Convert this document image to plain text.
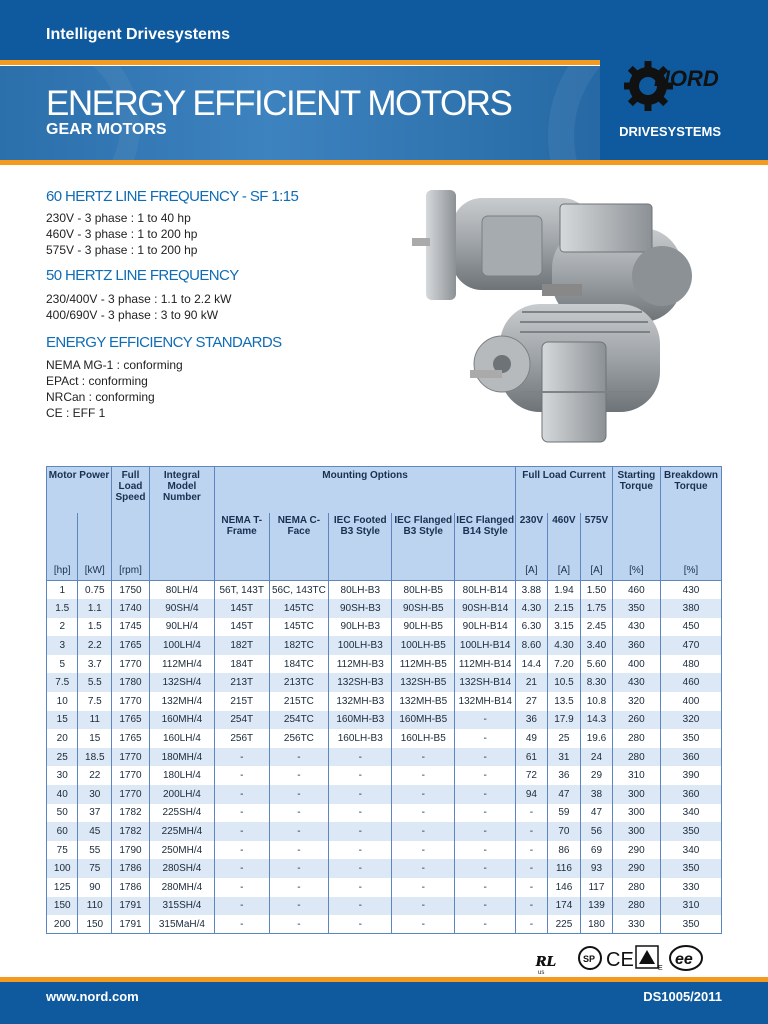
Intelligent Drivesystems
ENERGY EFFICIENT MOTORS
GEAR MOTORS
NORD
DRIVESYSTEMS
60 HERTZ LINE FREQUENCY - SF 1:15
230V - 3 phase : 1 to 40 hp
460V - 3 phase : 1 to 200 hp
575V - 3 phase : 1 to 200 hp
50 HERTZ LINE FREQUENCY
230/400V - 3 phase : 1.1 to 2.2 kW
400/690V - 3 phase : 3 to 90 kW
ENERGY EFFICIENCY STANDARDS
NEMA MG-1 : conforming
EPAct : conforming
NRCan : conforming
CE : EFF 1
Motor Power		Full Load Speed	Integral Model Number	Mounting Options					Full Load Current			Starting Torque	Breakdown Torque
				NEMA T-Frame	NEMA C-Face	IEC Footed B3 Style	IEC Flanged B3 Style	IEC Flanged B14 Style	230V	460V	575V		
[hp]	[kW]	[rpm]							[A]	[A]	[A]	[%]	[%]
1	0.75	1750	80LH/4	56T, 143T	56C, 143TC	80LH-B3	80LH-B5	80LH-B14	3.88	1.94	1.50	460	430
1.5	1.1	1740	90SH/4	145T	145TC	90SH-B3	90SH-B5	90SH-B14	4.30	2.15	1.75	350	380
2	1.5	1745	90LH/4	145T	145TC	90LH-B3	90LH-B5	90LH-B14	6.30	3.15	2.45	430	450
3	2.2	1765	100LH/4	182T	182TC	100LH-B3	100LH-B5	100LH-B14	8.60	4.30	3.40	360	470
5	3.7	1770	112MH/4	184T	184TC	112MH-B3	112MH-B5	112MH-B14	14.4	7.20	5.60	400	480
7.5	5.5	1780	132SH/4	213T	213TC	132SH-B3	132SH-B5	132SH-B14	21	10.5	8.30	430	460
10	7.5	1770	132MH/4	215T	215TC	132MH-B3	132MH-B5	132MH-B14	27	13.5	10.8	320	400
15	11	1765	160MH/4	254T	254TC	160MH-B3	160MH-B5	-	36	17.9	14.3	260	320
20	15	1765	160LH/4	256T	256TC	160LH-B3	160LH-B5	-	49	25	19.6	280	350
25	18.5	1770	180MH/4	-	-	-	-	-	61	31	24	280	360
30	22	1770	180LH/4	-	-	-	-	-	72	36	29	310	390
40	30	1770	200LH/4	-	-	-	-	-	94	47	38	300	360
50	37	1782	225SH/4	-	-	-	-	-	-	59	47	300	340
60	45	1782	225MH/4	-	-	-	-	-	-	70	56	300	350
75	55	1790	250MH/4	-	-	-	-	-	-	86	69	290	340
100	75	1786	280SH/4	-	-	-	-	-	-	116	93	290	350
125	90	1786	280MH/4	-	-	-	-	-	-	146	117	280	330
150	110	1791	315SH/4	-	-	-	-	-	-	174	139	280	310
200	150	1791	315MaH/4	-	-	-	-	-	-	225	180	330	350
ʀʟ
us
SP CE	E
ee
www.nord.com	DS1005/2011
